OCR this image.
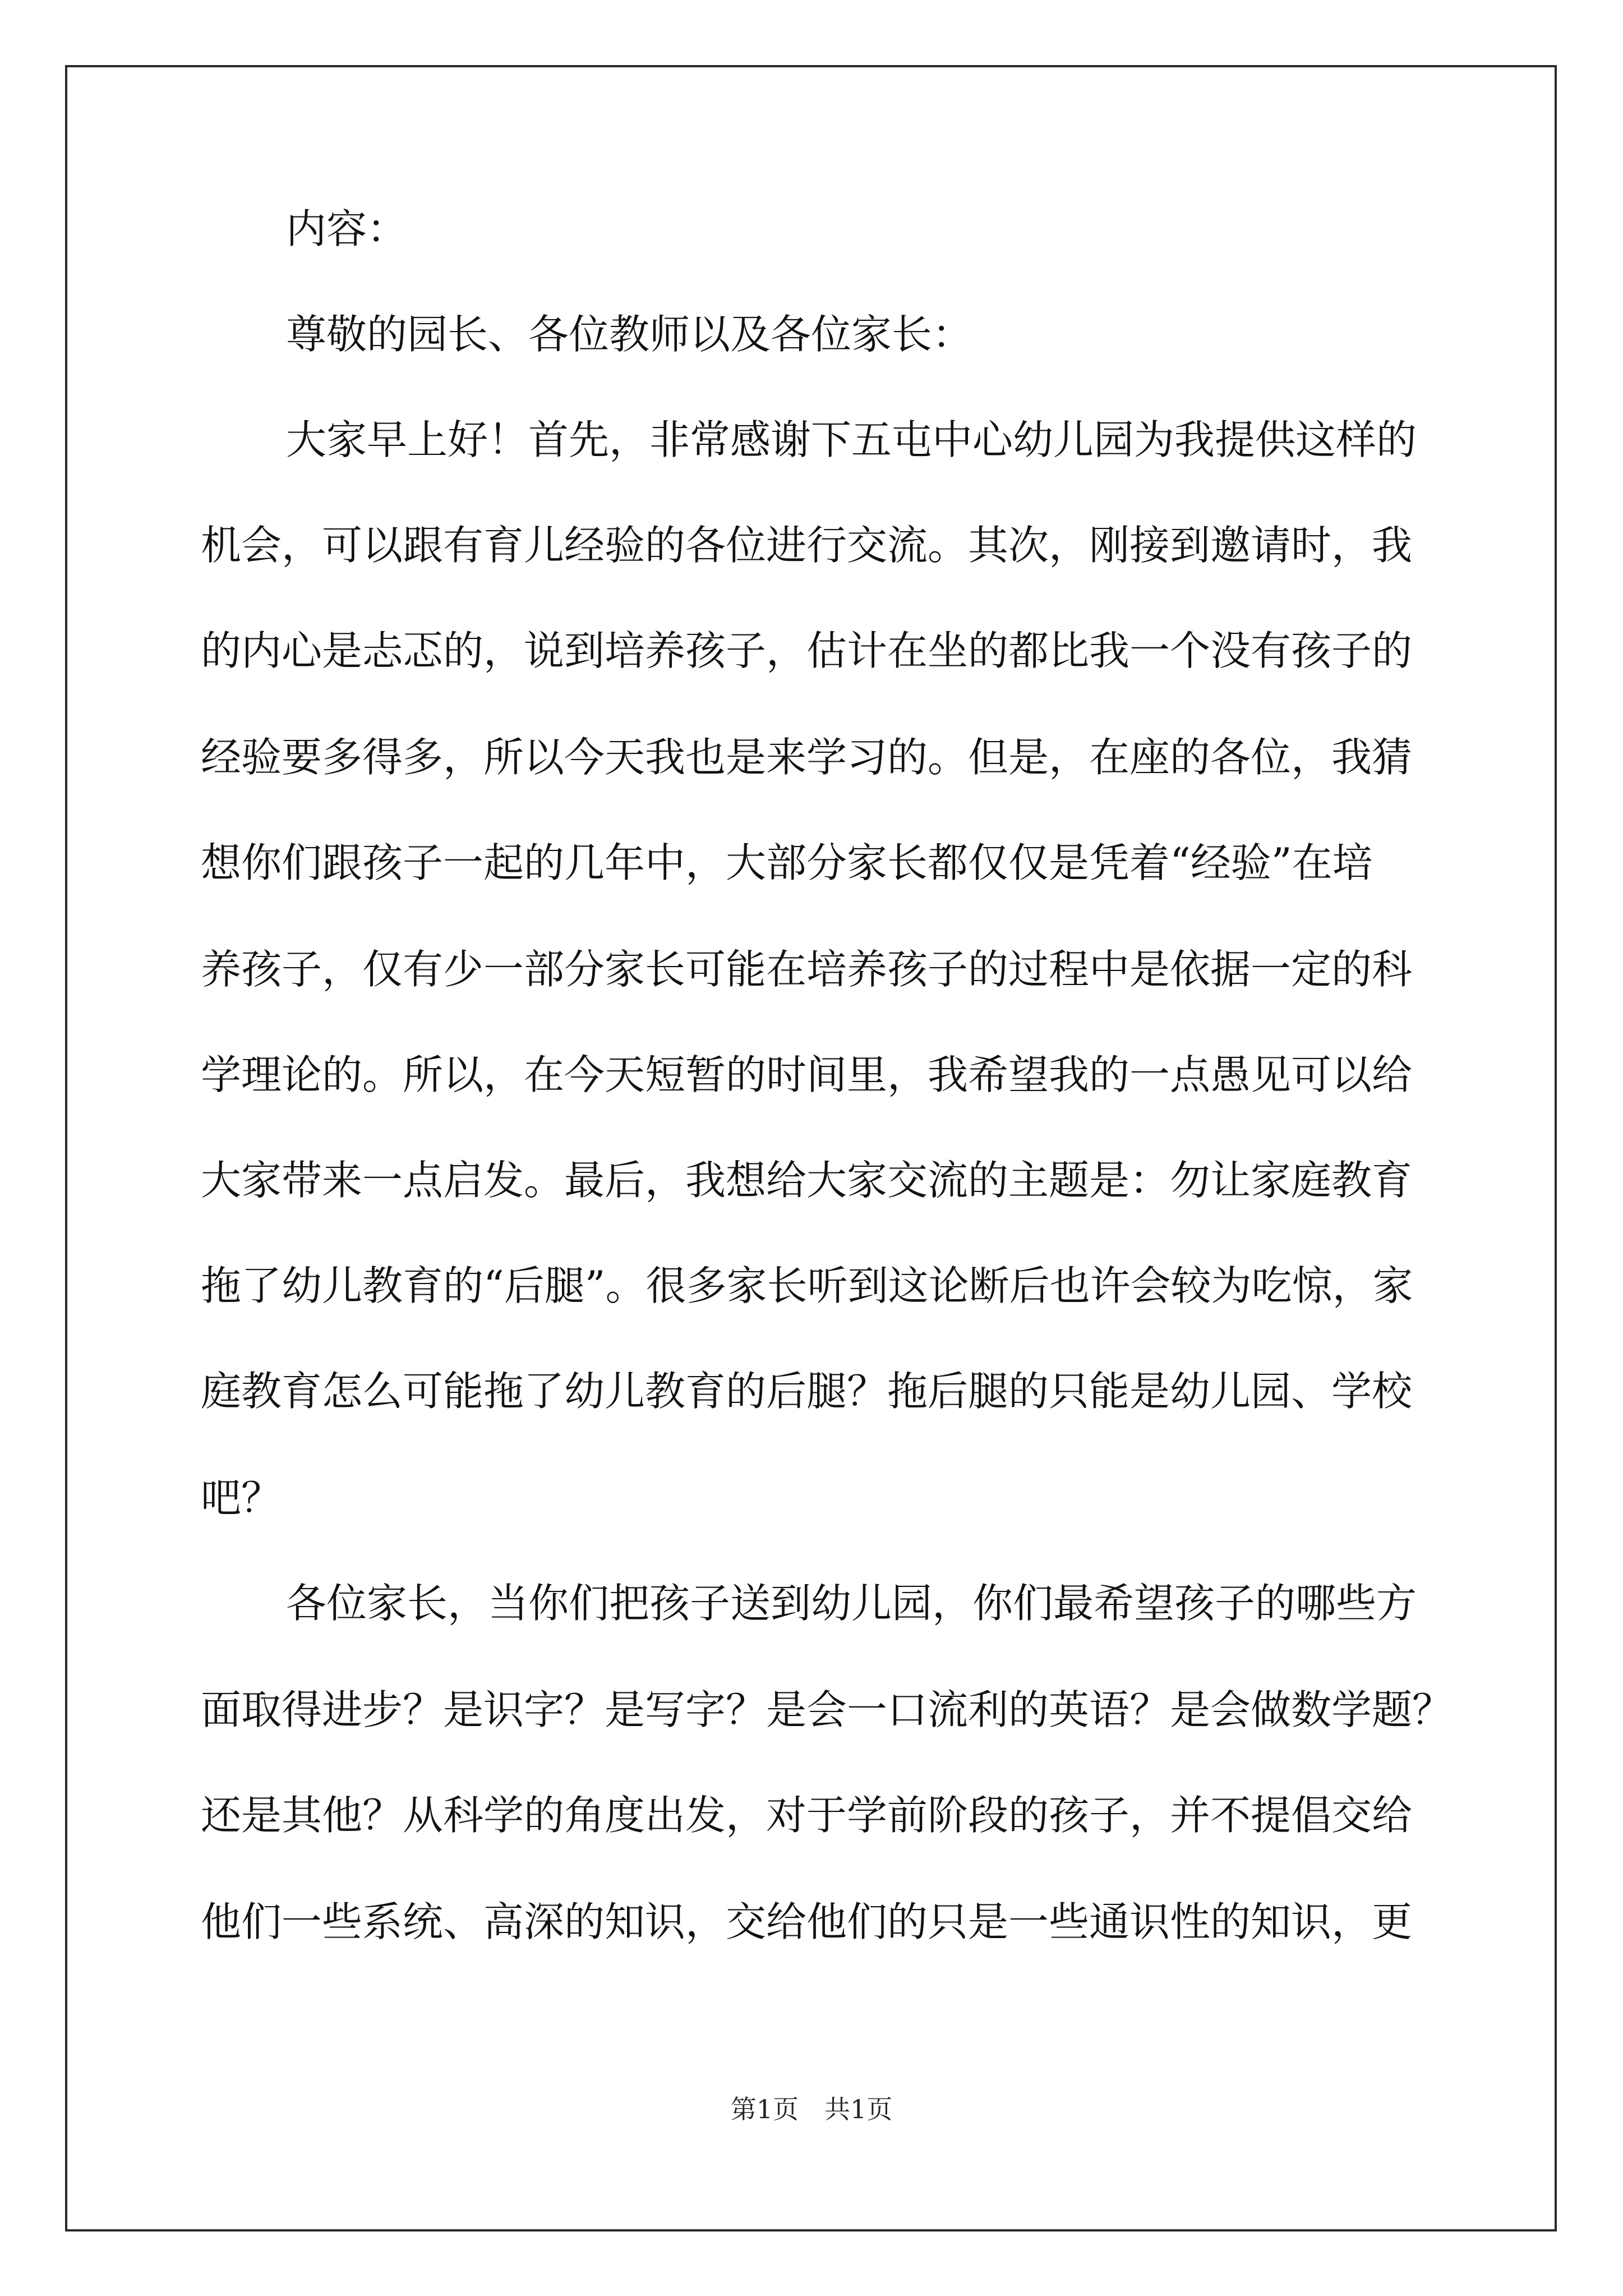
内容：
尊敬的园长、各位教师以及各位家长：
大家早上好！首先，非常感谢下五屯中心幼儿园为我提供这样的
机会，可以跟有育儿经验的各位进行交流。其次，刚接到邀请时，我
的内心是忐忑的，说到培养孩子，估计在坐的都比我一个没有孩子的
经验要多得多，所以今天我也是来学习的。但是，在座的各位，我猜
想你们跟孩子一起的几年中，大部分家长都仅仅是凭着“经验”在培
养孩子，仅有少一部分家长可能在培养孩子的过程中是依据一定的科
学理论的。所以，在今天短暂的时间里，我希望我的一点愚见可以给
大家带来一点启发。最后，我想给大家交流的主题是：勿让家庭教育
拖了幼儿教育的“后腿”。很多家长听到这论断后也许会较为吃惊，家
庭教育怎么可能拖了幼儿教育的后腿？拖后腿的只能是幼儿园、学校
吧？
各位家长，当你们把孩子送到幼儿园，你们最希望孩子的哪些方
面取得进步？是识字？是写字？是会一口流利的英语？是会做数学题？
还是其他？从科学的角度出发，对于学前阶段的孩子，并不提倡交给
他们一些系统、高深的知识，交给他们的只是一些通识性的知识，更
第1页　共1页
